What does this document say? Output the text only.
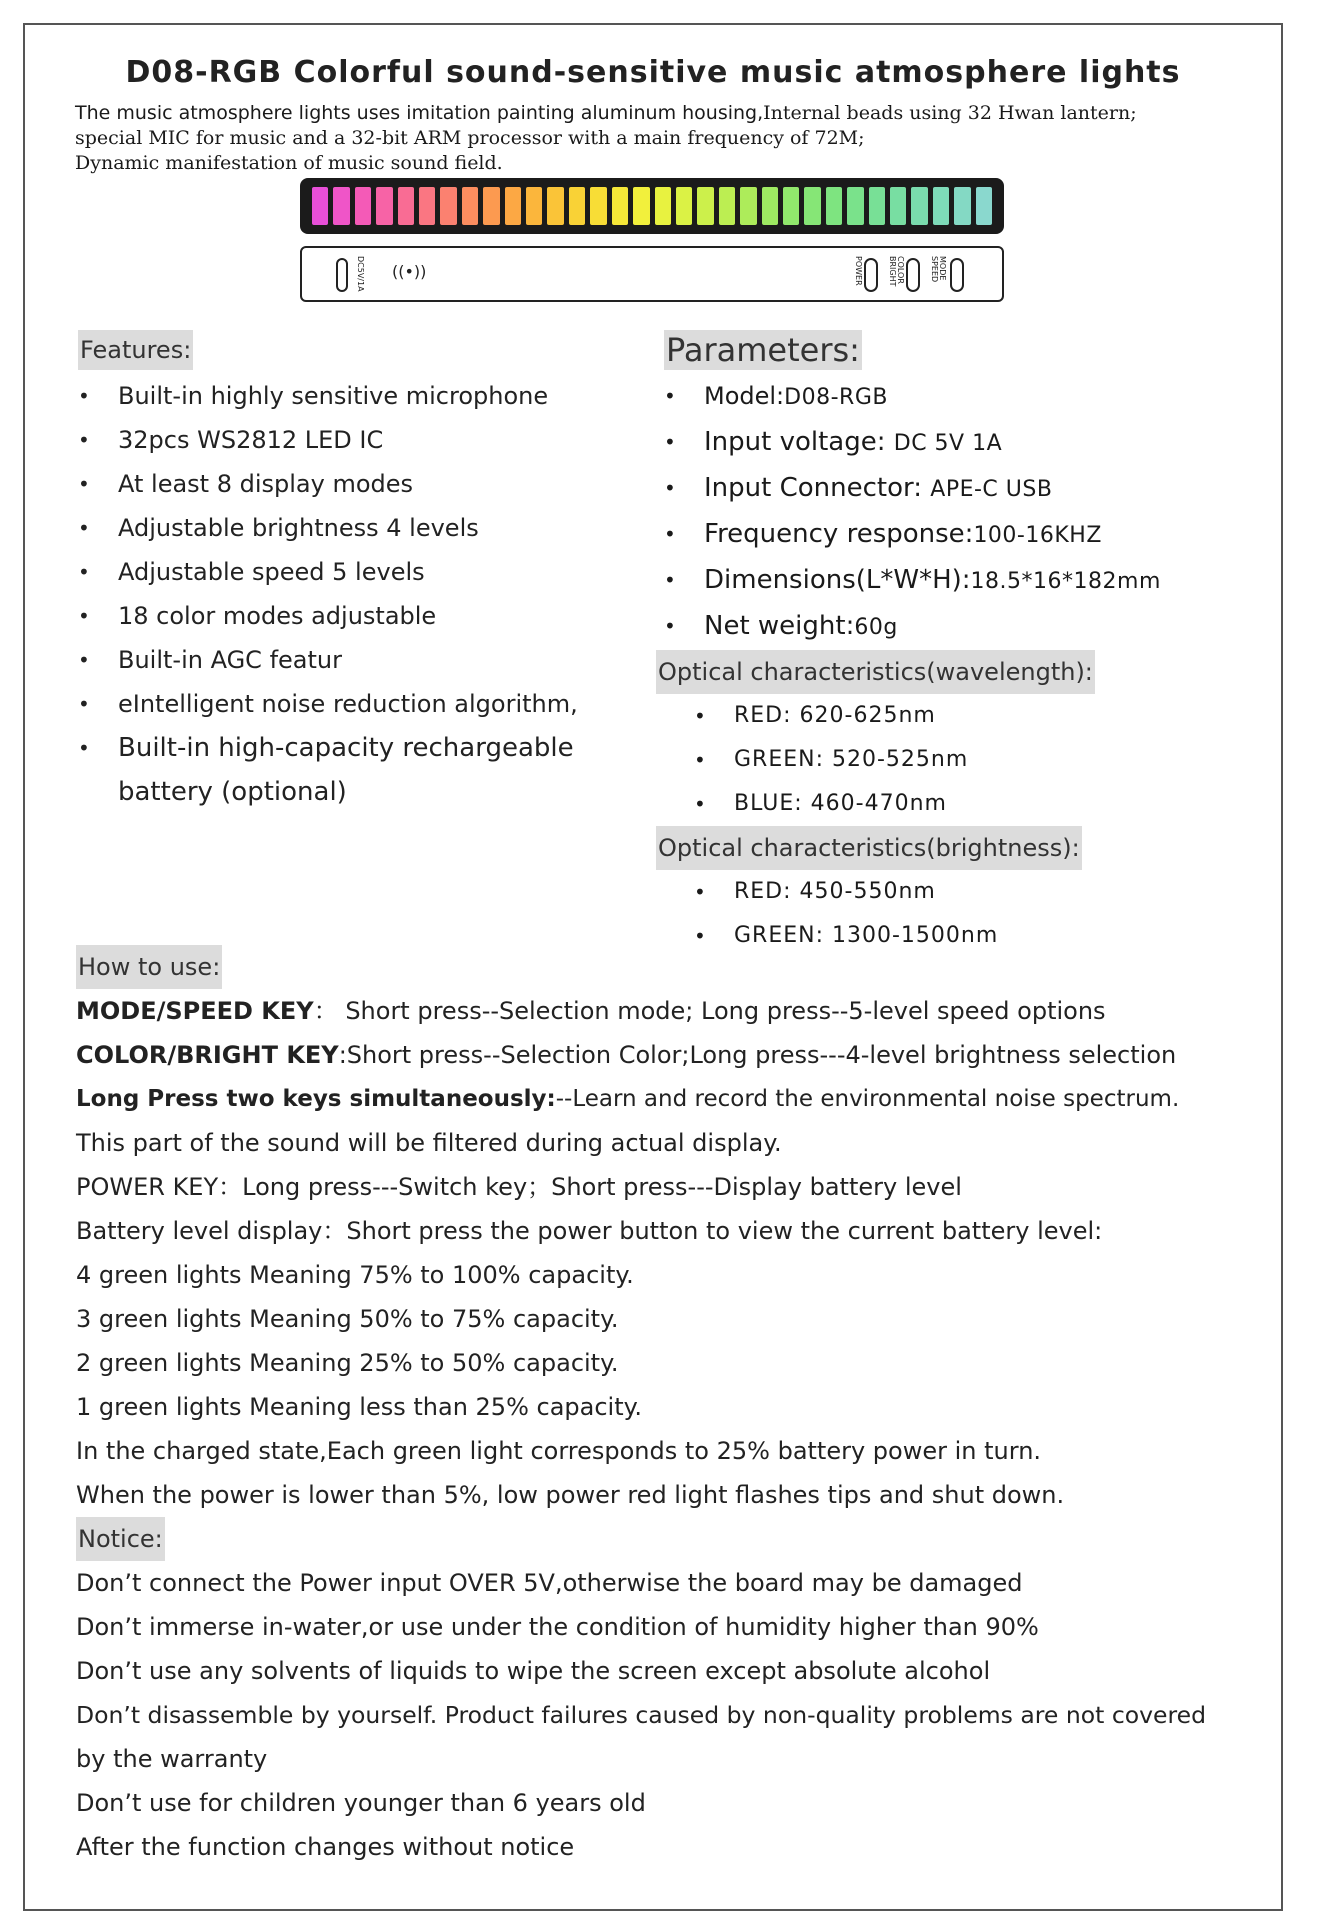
D08-RGB Colorful sound-sensitive music atmosphere lights
The music atmosphere lights uses imitation painting aluminum housing,Internal beads using 32 Hwan lantern;
special MIC for music and a 32-bit ARM processor with a main frequency of 72M;
Dynamic manifestation of music sound field.
DC5V/1A ((•))	POWER	COLOR BRIGHT	MODE SPEED
Features:
• Built-in highly sensitive microphone
• 32pcs WS2812 LED IC
• At least 8 display modes
• Adjustable brightness 4 levels
• Adjustable speed 5 levels
• 18 color modes adjustable
• Built-in AGC featur
• eIntelligent noise reduction algorithm,
• Built-in high-capacity rechargeable
battery (optional)
Parameters:
• Model:D08-RGB
• Input voltage: DC 5V 1A
• Input Connector: APE-C USB
• Frequency response:100-16KHZ
• Dimensions(L*W*H):18.5*16*182mm
• Net weight:60g
Optical characteristics(wavelength):
• RED: 620-625nm
• GREEN: 520-525nm
• BLUE: 460-470nm
Optical characteristics(brightness):
• RED: 450-550nm
• GREEN: 1300-1500nm
How to use:
MODE/SPEED KEY： Short press--Selection mode; Long press--5-level speed options
COLOR/BRIGHT KEY:Short press--Selection Color;Long press---4-level brightness selection
Long Press two keys simultaneously:--Learn and record the environmental noise spectrum.
This part of the sound will be filtered during actual display.
POWER KEY：Long press---Switch key；Short press---Display battery level
Battery level display：Short press the power button to view the current battery level:
4 green lights Meaning 75% to 100% capacity.
3 green lights Meaning 50% to 75% capacity.
2 green lights Meaning 25% to 50% capacity.
1 green lights Meaning less than 25% capacity.
In the charged state,Each green light corresponds to 25% battery power in turn.
When the power is lower than 5%, low power red light flashes tips and shut down.
Notice:
Don’t connect the Power input OVER 5V,otherwise the board may be damaged
Don’t immerse in-water,or use under the condition of humidity higher than 90%
Don’t use any solvents of liquids to wipe the screen except absolute alcohol
Don’t disassemble by yourself. Product failures caused by non-quality problems are not covered
by the warranty
Don’t use for children younger than 6 years old
After the function changes without notice
